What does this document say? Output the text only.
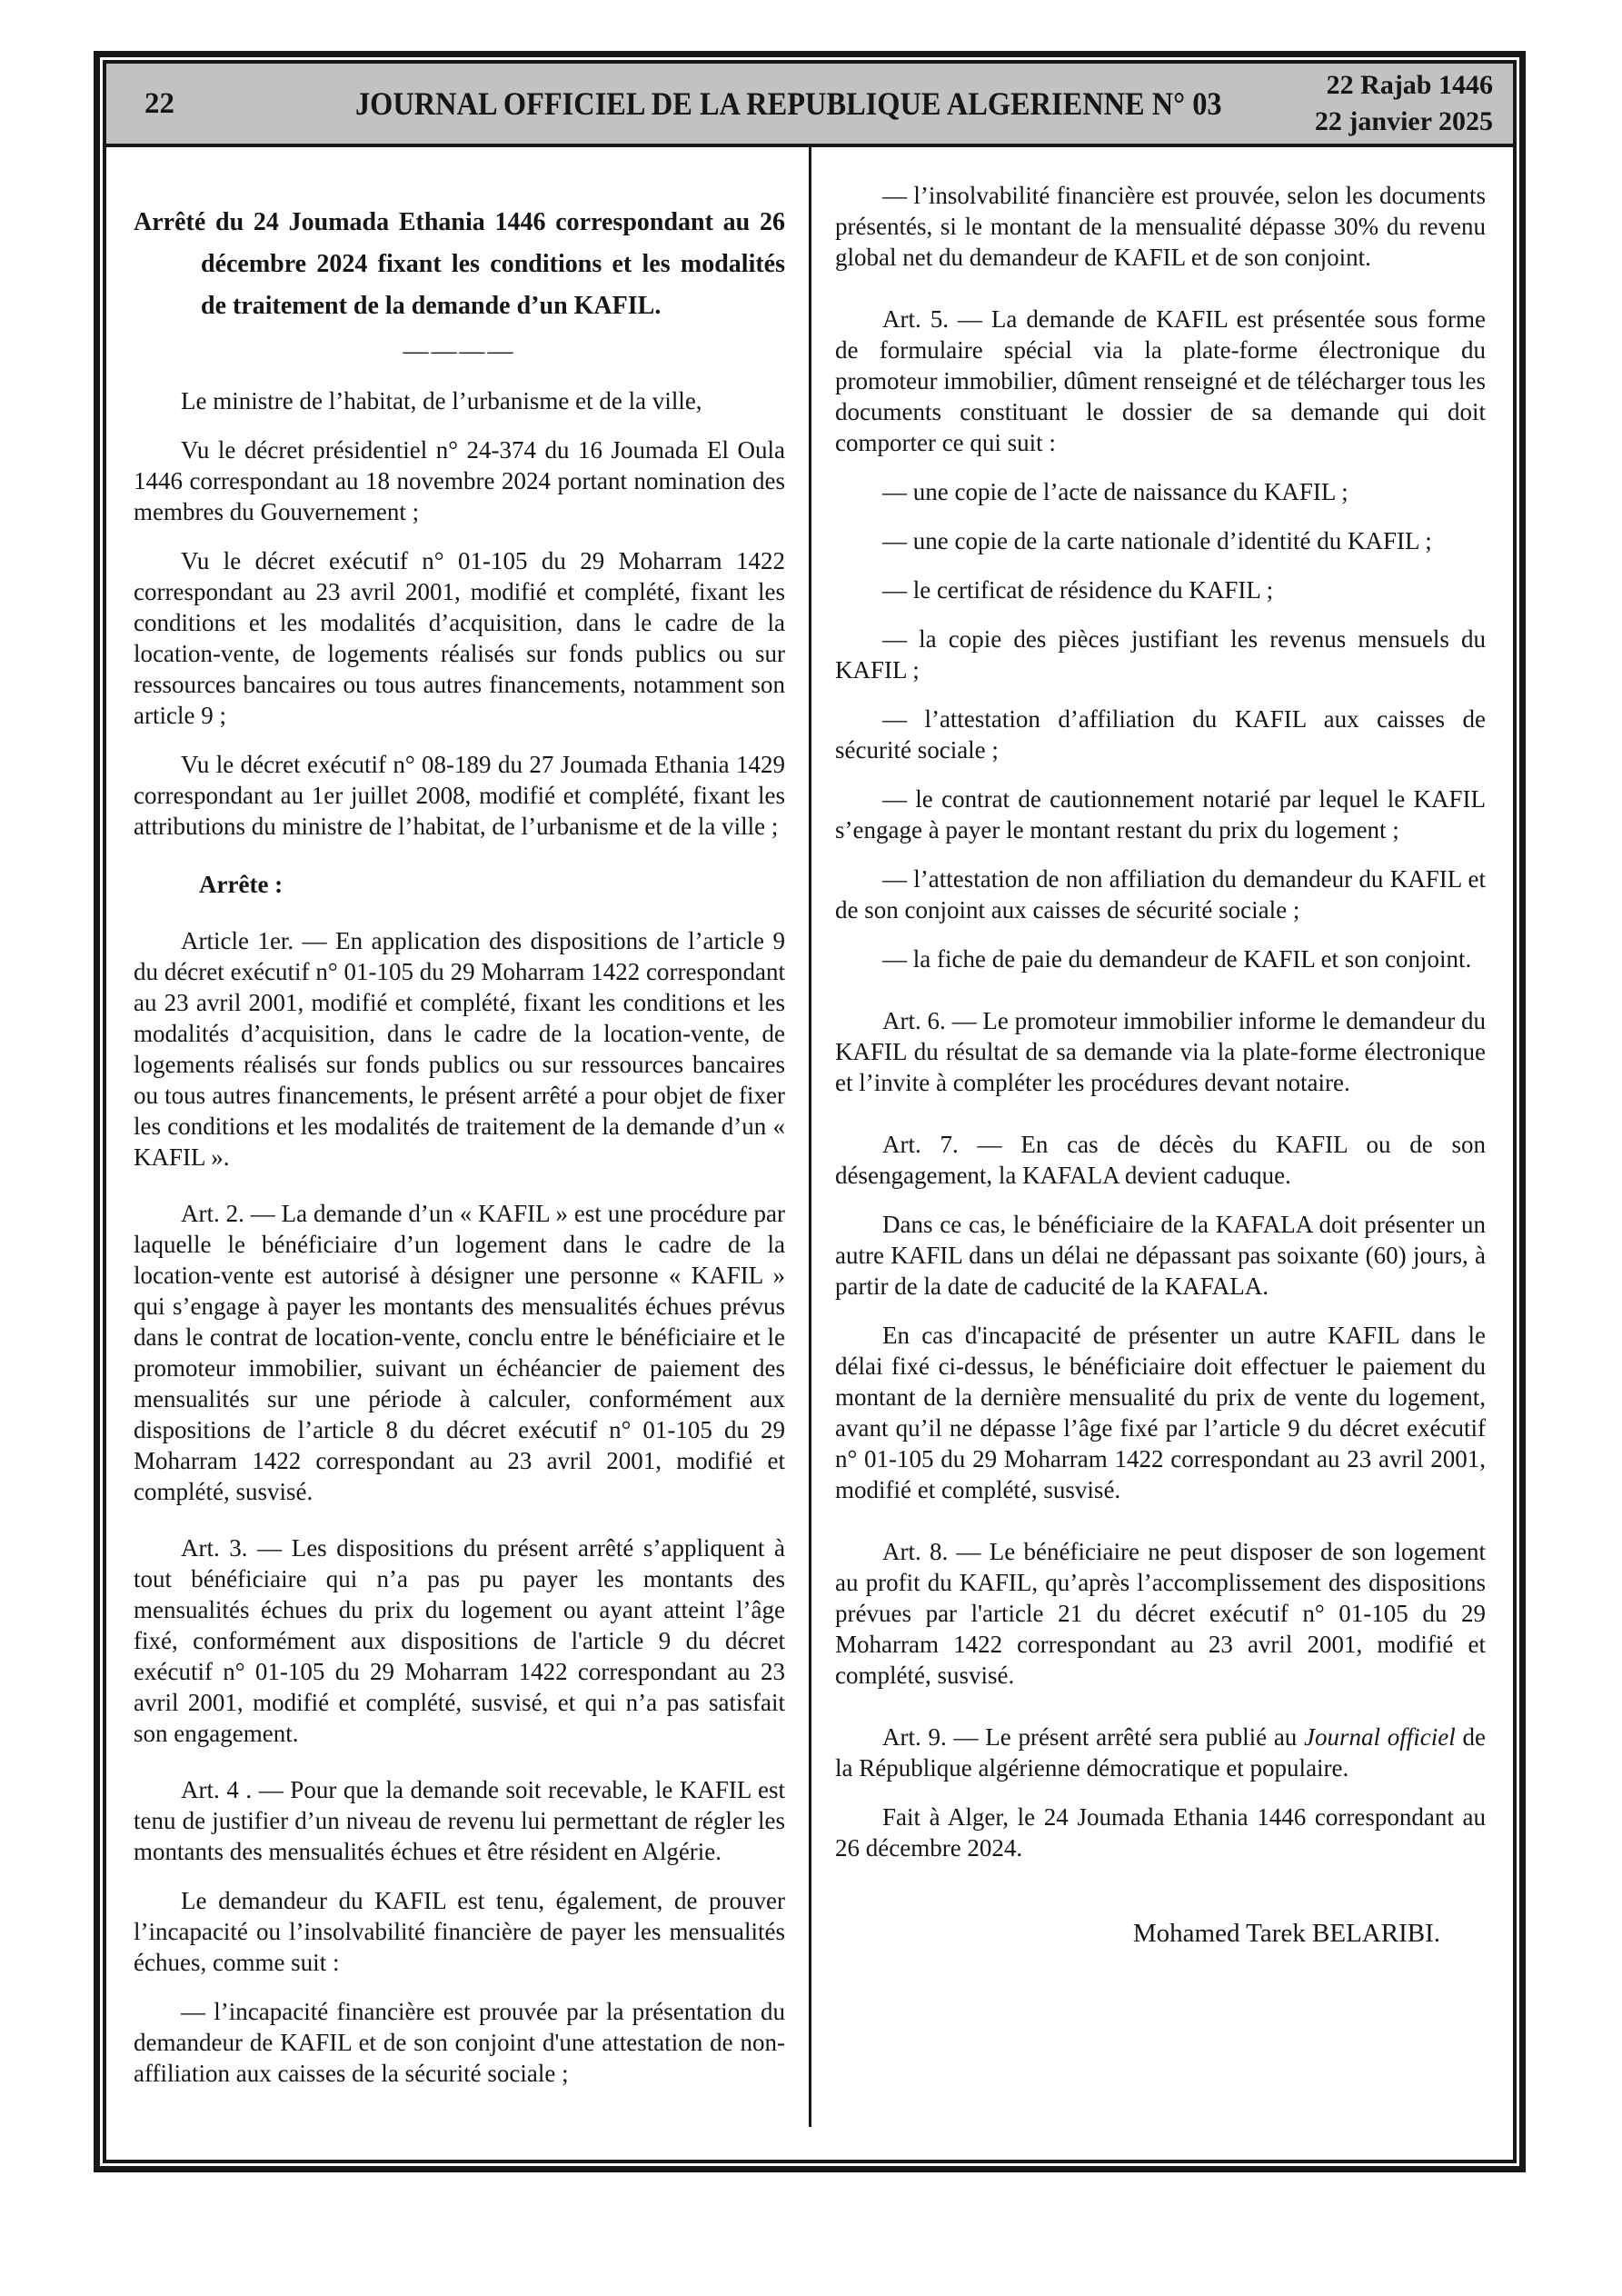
22	JOURNAL OFFICIEL DE LA REPUBLIQUE ALGERIENNE N° 03
22 Rajab 1446
22 janvier 2025
Arrêté du 24 Joumada Ethania 1446 correspondant au 26 décembre 2024 fixant les conditions et les modalités de traitement de la demande d’un KAFIL.
————

Le ministre de l’habitat, de l’urbanisme et de la ville,

Vu le décret présidentiel n° 24-374 du 16 Joumada El Oula 1446 correspondant au 18 novembre 2024 portant nomination des membres du Gouvernement ;

Vu le décret exécutif n° 01-105 du 29 Moharram 1422 correspondant au 23 avril 2001, modifié et complété, fixant les conditions et les modalités d’acquisition, dans le cadre de la location-vente, de logements réalisés sur fonds publics ou sur ressources bancaires ou tous autres financements, notamment son article 9 ;

Vu le décret exécutif n° 08-189 du 27 Joumada Ethania 1429 correspondant au 1er juillet 2008, modifié et complété, fixant les attributions du ministre de l’habitat, de l’urbanisme et de la ville ;

Arrête :

Article 1er. — En application des dispositions de l’article 9 du décret exécutif n° 01-105 du 29 Moharram 1422 correspondant au 23 avril 2001, modifié et complété, fixant les conditions et les modalités d’acquisition, dans le cadre de la location-vente, de logements réalisés sur fonds publics ou sur ressources bancaires ou tous autres financements, le présent arrêté a pour objet de fixer les conditions et les modalités de traitement de la demande d’un « KAFIL ».

Art. 2. — La demande d’un « KAFIL » est une procédure par laquelle le bénéficiaire d’un logement dans le cadre de la location-vente est autorisé à désigner une personne « KAFIL » qui s’engage à payer les montants des mensualités échues prévus dans le contrat de location-vente, conclu entre le bénéficiaire et le promoteur immobilier, suivant un échéancier de paiement des mensualités sur une période à calculer, conformément aux dispositions de l’article 8 du décret exécutif n° 01-105 du 29 Moharram 1422 correspondant au 23 avril 2001, modifié et complété, susvisé.

Art. 3. — Les dispositions du présent arrêté s’appliquent à tout bénéficiaire qui n’a pas pu payer les montants des mensualités échues du prix du logement ou ayant atteint l’âge fixé, conformément aux dispositions de l'article 9 du décret exécutif n° 01-105 du 29 Moharram 1422 correspondant au 23 avril 2001, modifié et complété, susvisé, et qui n’a pas satisfait son engagement.

Art. 4 . — Pour que la demande soit recevable, le KAFIL est tenu de justifier d’un niveau de revenu lui permettant de régler les montants des mensualités échues et être résident en Algérie.

Le demandeur du KAFIL est tenu, également, de prouver l’incapacité ou l’insolvabilité financière de payer les mensualités échues, comme suit :

— l’incapacité financière est prouvée par la présentation du demandeur de KAFIL et de son conjoint d'une attestation de non-affiliation aux caisses de la sécurité sociale ;

— l’insolvabilité financière est prouvée, selon les documents présentés, si le montant de la mensualité dépasse 30% du revenu global net du demandeur de KAFIL et de son conjoint.

Art. 5. — La demande de KAFIL est présentée sous forme de formulaire spécial via la plate-forme électronique du promoteur immobilier, dûment renseigné et de télécharger tous les documents constituant le dossier de sa demande qui doit comporter ce qui suit :

— une copie de l’acte de naissance du KAFIL ;

— une copie de la carte nationale d’identité du KAFIL ;

— le certificat de résidence du KAFIL ;

— la copie des pièces justifiant les revenus mensuels du KAFIL ;

— l’attestation d’affiliation du KAFIL aux caisses de sécurité sociale ;

— le contrat de cautionnement notarié par lequel le KAFIL s’engage à payer le montant restant du prix du logement ;

— l’attestation de non affiliation du demandeur du KAFIL et de son conjoint aux caisses de sécurité sociale ;

— la fiche de paie du demandeur de KAFIL et son conjoint.

Art. 6. — Le promoteur immobilier informe le demandeur du KAFIL du résultat de sa demande via la plate-forme électronique et l’invite à compléter les procédures devant notaire.

Art. 7. — En cas de décès du KAFIL ou de son désengagement, la KAFALA devient caduque.

Dans ce cas, le bénéficiaire de la KAFALA doit présenter un autre KAFIL dans un délai ne dépassant pas soixante (60) jours, à partir de la date de caducité de la KAFALA.

En cas d'incapacité de présenter un autre KAFIL dans le délai fixé ci-dessus, le bénéficiaire doit effectuer le paiement du montant de la dernière mensualité du prix de vente du logement, avant qu’il ne dépasse l’âge fixé par l’article 9 du décret exécutif n° 01-105 du 29 Moharram 1422 correspondant au 23 avril 2001, modifié et complété, susvisé.

Art. 8. — Le bénéficiaire ne peut disposer de son logement au profit du KAFIL, qu’après l’accomplissement des dispositions prévues par l'article 21 du décret exécutif n° 01-105 du 29 Moharram 1422 correspondant au 23 avril 2001, modifié et complété, susvisé.

Art. 9. — Le présent arrêté sera publié au Journal officiel de la République algérienne démocratique et populaire.

Fait à Alger, le 24 Joumada Ethania 1446 correspondant au 26 décembre 2024.

Mohamed Tarek BELARIBI.
